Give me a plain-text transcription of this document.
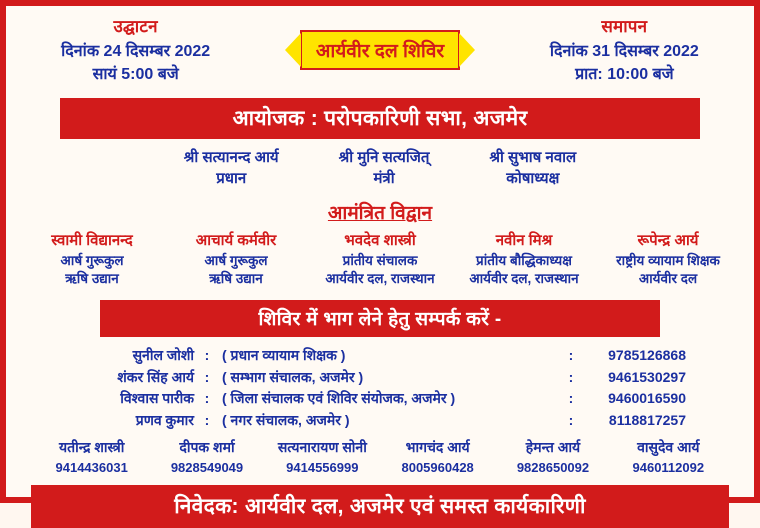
उद्घाटन
दिनांक 24 दिसम्बर 2022
सायं 5:00 बजे
आर्यवीर दल शिविर
समापन
दिनांक 31 दिसम्बर 2022
प्रात: 10:00 बजे
आयोजक : परोपकारिणी सभा, अजमेर
श्री सत्यानन्द आर्य
प्रधान
श्री मुनि सत्यजित्
मंत्री
श्री सुभाष नवाल
कोषाध्यक्ष
आमंत्रित विद्वान
स्वामी विद्यानन्द
आर्ष गुरूकुल
ऋषि उद्यान
आचार्य कर्मवीर
आर्ष गुरूकुल
ऋषि उद्यान
भवदेव शास्त्री
प्रांतीय संचालक
आर्यवीर दल, राजस्थान
नवीन मिश्र
प्रांतीय बौद्धिकाध्यक्ष
आर्यवीर दल, राजस्थान
रूपेन्द्र आर्य
राष्ट्रीय व्यायाम शिक्षक
आर्यवीर दल
शिविर में भाग लेने हेतु सम्पर्क करें -
सुनील जोशी : ( प्रधान व्यायाम शिक्षक )	:	9785126868
शंकर सिंह आर्य : ( सम्भाग संचालक, अजमेर )	:	9461530297
विश्वास पारीक : ( जिला संचालक एवं शिविर संयोजक, अजमेर )	:	9460016590
प्रणव कुमार : ( नगर संचालक, अजमेर )	:	8118817257
यतीन्द्र शास्त्री
9414436031
दीपक शर्मा
9828549049
सत्यनारायण सोनी
9414556999
भागचंद आर्य
8005960428
हेमन्त आर्य
9828650092
वासुदेव आर्य
9460112092
निवेदक: आर्यवीर दल, अजमेर एवं समस्त कार्यकारिणी
